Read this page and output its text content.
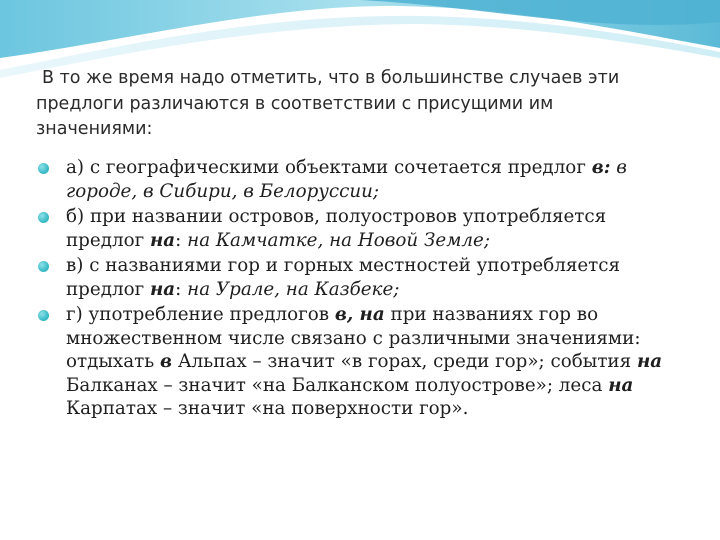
В то же время надо отметить, что в большинстве случаев эти
предлоги различаются в соответствии с присущими им
значениями:
а) с географическими объектами сочетается предлог в: в городе, в Сибири, в Белоруссии;
б) при названии островов, полуостровов употребляется предлог на: на Камчатке, на Новой Земле;
в) с названиями гор и горных местностей употребляется предлог на: на Урале, на Казбеке;
г) употребление предлогов в, на при названиях гор во множественном числе связано с различными значениями: отдыхать в Альпах – значит «в горах, среди гор»; события на Балканах – значит «на Балканском полуострове»; леса на Карпатах – значит «на поверхности гор».
